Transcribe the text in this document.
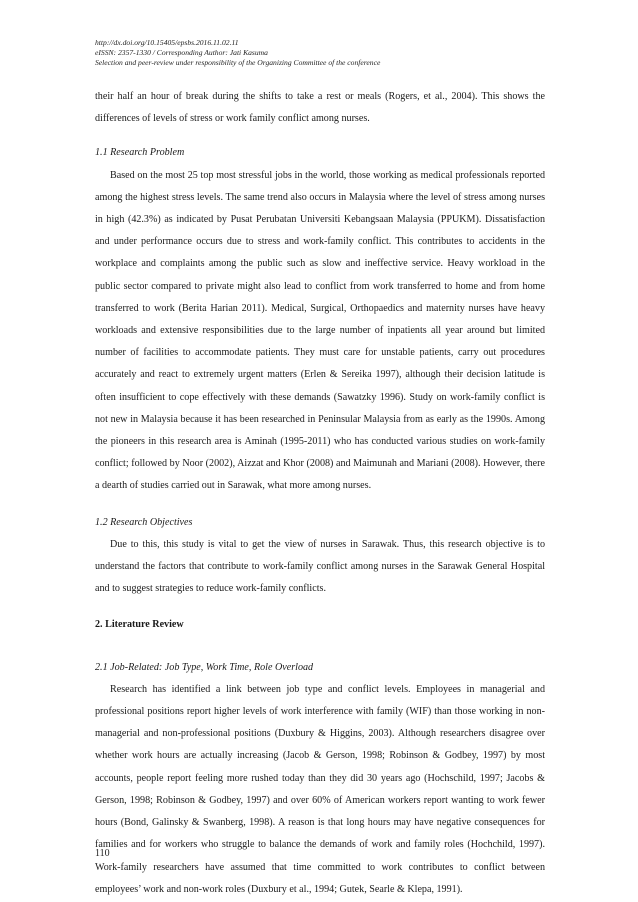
http://dx.doi.org/10.15405/epsbs.2016.11.02.11
eISSN: 2357-1330 / Corresponding Author: Jati Kasuma
Selection and peer-review under responsibility of the Organizing Committee of the conference

their half an hour of break during the shifts to take a rest or meals (Rogers, et al., 2004). This shows the differences of levels of stress or work family conflict among nurses.

1.1 Research Problem

Based on the most 25 top most stressful jobs in the world, those working as medical professionals reported among the highest stress levels. The same trend also occurs in Malaysia where the level of stress among nurses in high (42.3%) as indicated by Pusat Perubatan Universiti Kebangsaan Malaysia (PPUKM). Dissatisfaction and under performance occurs due to stress and work-family conflict. This contributes to accidents in the workplace and complaints among the public such as slow and ineffective service. Heavy workload in the public sector compared to private might also lead to conflict from work transferred to home and from home transferred to work (Berita Harian 2011). Medical, Surgical, Orthopaedics and maternity nurses have heavy workloads and extensive responsibilities due to the large number of inpatients all year around but limited number of facilities to accommodate patients. They must care for unstable patients, carry out procedures accurately and react to extremely urgent matters (Erlen & Sereika 1997), although their decision latitude is often insufficient to cope effectively with these demands (Sawatzky 1996). Study on work-family conflict is not new in Malaysia because it has been researched in Peninsular Malaysia from as early as the 1990s. Among the pioneers in this research area is Aminah (1995-2011) who has conducted various studies on work-family conflict; followed by Noor (2002), Aizzat and Khor (2008) and Maimunah and Mariani (2008). However, there a dearth of studies carried out in Sarawak, what more among nurses.

1.2 Research Objectives

Due to this, this study is vital to get the view of nurses in Sarawak. Thus, this research objective is to understand the factors that contribute to work-family conflict among nurses in the Sarawak General Hospital and to suggest strategies to reduce work-family conflicts.

2. Literature Review

2.1 Job-Related: Job Type, Work Time, Role Overload

Research has identified a link between job type and conflict levels. Employees in managerial and professional positions report higher levels of work interference with family (WIF) than those working in non-managerial and non-professional positions (Duxbury & Higgins, 2003). Although researchers disagree over whether work hours are actually increasing (Jacob & Gerson, 1998; Robinson & Godbey, 1997) by most accounts, people report feeling more rushed today than they did 30 years ago (Hochschild, 1997; Jacobs & Gerson, 1998; Robinson & Godbey, 1997) and over 60% of American workers report wanting to work fewer hours (Bond, Galinsky & Swanberg, 1998). A reason is that long hours may have negative consequences for families and for workers who struggle to balance the demands of work and family roles (Hochchild, 1997). Work-family researchers have assumed that time committed to work contributes to conflict between employees’ work and non-work roles (Duxbury et al., 1994; Gutek, Searle & Klepa, 1991).

110
